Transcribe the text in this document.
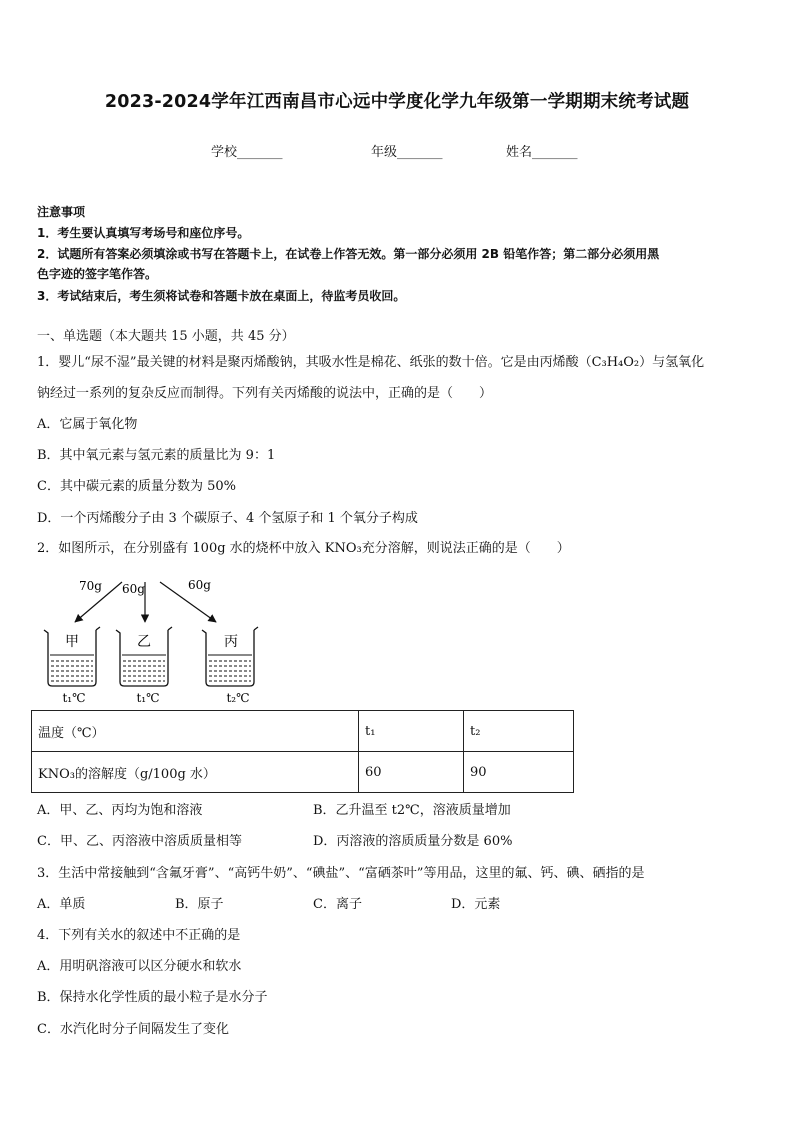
2023-2024学年江西南昌市心远中学度化学九年级第一学期期末统考试题
学校_______	年级_______	姓名_______
注意事项
1．考生要认真填写考场号和座位序号。
2．试题所有答案必须填涂或书写在答题卡上，在试卷上作答无效。第一部分必须用 2B 铅笔作答；第二部分必须用黑
色字迹的签字笔作答。
3．考试结束后，考生须将试卷和答题卡放在桌面上，待监考员收回。
一、单选题（本大题共 15 小题，共 45 分）
1．婴儿“尿不湿”最关键的材料是聚丙烯酸钠，其吸水性是棉花、纸张的数十倍。它是由丙烯酸（C₃H₄O₂）与氢氧化
钠经过一系列的复杂反应而制得。下列有关丙烯酸的说法中，正确的是（　　）
A．它属于氧化物
B．其中氧元素与氢元素的质量比为 9：1
C．其中碳元素的质量分数为 50%
D．一个丙烯酸分子由 3 个碳原子、4 个氢原子和 1 个氧分子构成
2．如图所示，在分别盛有 100g 水的烧杯中放入 KNO₃充分溶解，则说法正确的是（　　）
70g 60g	60g
甲
t₁℃
乙
t₁℃
丙
t₂℃
温度（℃）	t₁	t₂
KNO₃的溶解度（g/100g 水）	60	90
A．甲、乙、丙均为饱和溶液	B．乙升温至 t2℃，溶液质量增加
C．甲、乙、丙溶液中溶质质量相等	D．丙溶液的溶质质量分数是 60%
3．生活中常接触到“含氟牙膏”、“高钙牛奶”、“碘盐”、“富硒茶叶”等用品，这里的氟、钙、碘、硒指的是
A．单质	B．原子	C．离子	D．元素
4．下列有关水的叙述中不正确的是
A．用明矾溶液可以区分硬水和软水
B．保持水化学性质的最小粒子是水分子
C．水汽化时分子间隔发生了变化
